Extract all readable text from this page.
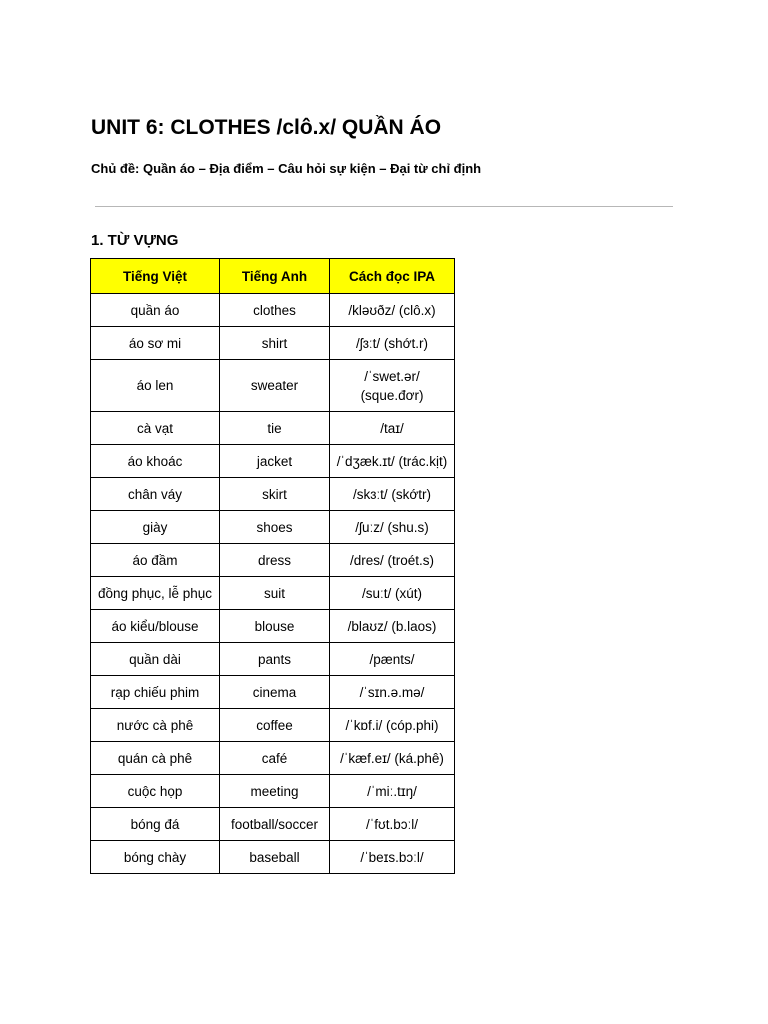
UNIT 6: CLOTHES /clô.x/ QUẦN ÁO

Chủ đề: Quần áo – Địa điểm – Câu hỏi sự kiện – Đại từ chỉ định

1. TỪ VỰNG
Tiếng Việt	Tiếng Anh	Cách đọc IPA
quần áo	clothes	/kləʊðz/ (clô.x)
áo sơ mi	shirt	/ʃɜːt/ (shớt.r)
áo len	sweater	/ˈswet.ər/
(sque.đơr)
cà vạt	tie	/taɪ/
áo khoác	jacket	/ˈdʒæk.ɪt/ (trác.kịt)
chân váy	skirt	/skɜːt/ (skớtr)
giày	shoes	/ʃuːz/ (shu.s)
áo đầm	dress	/dres/ (troét.s)
đồng phục, lễ phục	suit	/suːt/ (xút)
áo kiểu/blouse	blouse	/blaʊz/ (b.laos)
quần dài	pants	/pænts/
rạp chiếu phim	cinema	/ˈsɪn.ə.mə/
nước cà phê	coffee	/ˈkɒf.i/ (cóp.phi)
quán cà phê	café	/ˈkæf.eɪ/ (ká.phê)
cuộc họp	meeting	/ˈmiː.tɪŋ/
bóng đá	football/soccer	/ˈfʊt.bɔːl/
bóng chày	baseball	/ˈbeɪs.bɔːl/
